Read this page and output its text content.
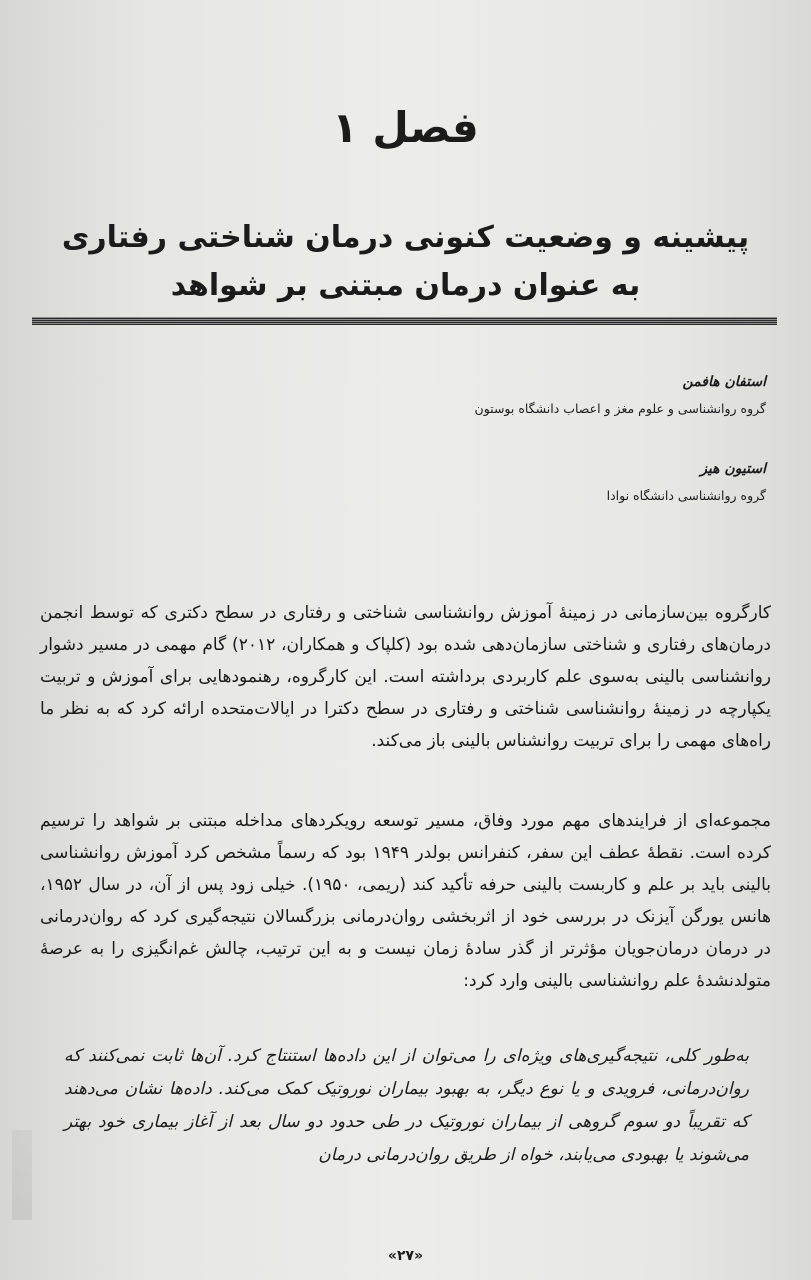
فصل ۱
پیشینه و وضعیت کنونی درمان شناختی رفتاری
به عنوان درمان مبتنی بر شواهد
استفان هافمن
گروه روانشناسی و علوم مغز و اعصاب دانشگاه بوستون
استیون هیز
گروه روانشناسی دانشگاه نوادا

کارگروه بین‌سازمانی در زمینهٔ آموزش روانشناسی شناختی و رفتاری در سطح دکتری که توسط انجمن درمان‌های رفتاری و شناختی سازمان‌دهی شده بود (کلپاک و همکاران، ۲۰۱۲) گام مهمی در مسیر دشوار روانشناسی بالینی به‌سوی علم کاربردی برداشته است. این کارگروه، رهنمودهایی برای آموزش و تربیت یکپارچه در زمینهٔ روانشناسی شناختی و رفتاری در سطح دکترا در ایالات‌متحده ارائه کرد که به نظر ما راه‌های مهمی را برای تربیت روانشناس بالینی باز می‌کند.

مجموعه‌ای از فرایندهای مهم مورد وفاق، مسیر توسعه رویکردهای مداخله مبتنی بر شواهد را ترسیم کرده است. نقطهٔ عطف این سفر، کنفرانس بولدر ۱۹۴۹ بود که رسماً مشخص کرد آموزش روانشناسی بالینی باید بر علم و کاربست بالینی حرفه تأکید کند (ریمی، ۱۹۵۰). خیلی زود پس از آن، در سال ۱۹۵۲، هانس یورگن آیزنک در بررسی خود از اثربخشی روان‌درمانی بزرگسالان نتیجه‌گیری کرد که روان‌درمانی در درمان درمان‌جویان مؤثرتر از گذر سادهٔ زمان نیست و به این ترتیب، چالش غم‌انگیزی را به عرصهٔ متولدنشدهٔ علم روانشناسی بالینی وارد کرد:

به‌طور کلی، نتیجه‌گیری‌های ویژه‌ای را می‌توان از این داده‌ها استنتاج کرد. آن‌ها ثابت نمی‌کنند که روان‌درمانی، فرویدی و یا نوع دیگر، به بهبود بیماران نوروتیک کمک می‌کند. داده‌ها نشان می‌دهند که تقریباً دو سوم گروهی از بیماران نوروتیک در طی حدود دو سال بعد از آغاز بیماری خود بهتر می‌شوند یا بهبودی می‌یابند، خواه از طریق روان‌درمانی درمان

«۲۷»
